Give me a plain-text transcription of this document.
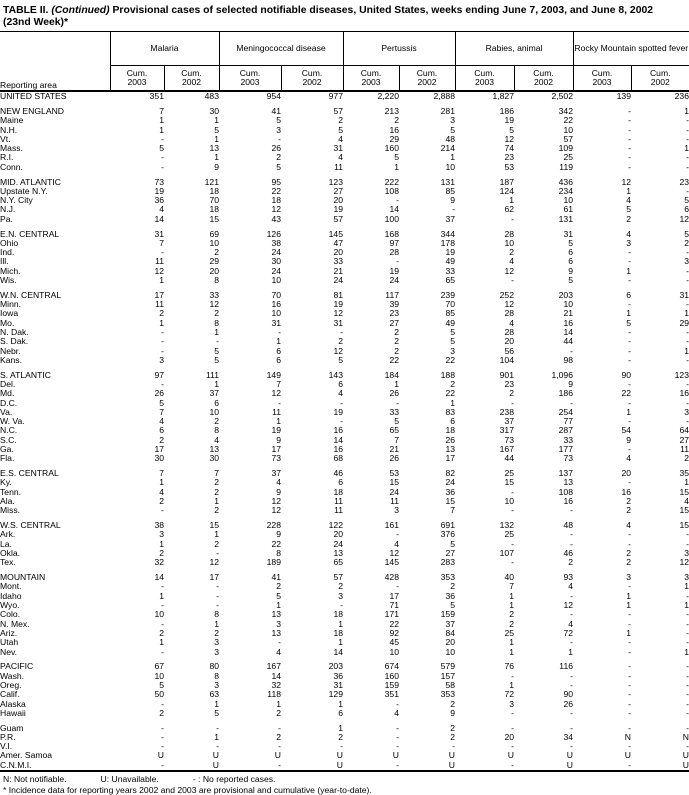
TABLE II. (Continued) Provisional cases of selected notifiable diseases, United States, weeks ending June 7, 2003, and June 8, 2002
(23nd Week)*
Reporting area	Malaria		Meningococcal disease		Pertussis		Rabies, animal		Rocky Mountain spotted fever	

Cum.
2003

Cum.
2002

Cum.
2003

Cum.
2002

Cum.
2003

Cum.
2002

Cum.
2003

Cum.
2002

Cum.
2003

Cum.
2002

UNITED STATES	351	483	954	977	2,220	2,888	1,827	2,502	139	236

NEW ENGLAND	7	30	41	57	213	281	186	342	-	1
Maine	1	1	5	2	2	3	19	22	-	-
N.H.	1	5	3	5	16	5	5	10	-	-
Vt.	-	1	-	4	29	48	12	57	-	-
Mass.	5	13	26	31	160	214	74	109	-	1
R.I.	-	1	2	4	5	1	23	25	-	-
Conn.	-	9	5	11	1	10	53	119	-	-

MID. ATLANTIC	73	121	95	123	222	131	187	436	12	23
Upstate N.Y.	19	18	22	27	108	85	124	234	1	-
N.Y. City	36	70	18	20	-	9	1	10	4	5
N.J.	4	18	12	19	14	-	62	61	5	6
Pa.	14	15	43	57	100	37	-	131	2	12

E.N. CENTRAL	31	69	126	145	168	344	28	31	4	5
Ohio	7	10	38	47	97	178	10	5	3	2
Ind.	-	2	24	20	28	19	2	6	-	-
Ill.	11	29	30	33	-	49	4	6	-	3
Mich.	12	20	24	21	19	33	12	9	1	-
Wis.	1	8	10	24	24	65	-	5	-	-

W.N. CENTRAL	17	33	70	81	117	239	252	203	6	31
Minn.	11	12	16	19	39	70	12	10	-	-
Iowa	2	2	10	12	23	85	28	21	1	1
Mo.	1	8	31	31	27	49	4	16	5	29
N. Dak.	-	1	-	-	2	5	28	14	-	-
S. Dak.	-	-	1	2	2	5	20	44	-	-
Nebr.	-	5	6	12	2	3	56	-	-	1
Kans.	3	5	6	5	22	22	104	98	-	-

S. ATLANTIC	97	111	149	143	184	188	901	1,096	90	123
Del.	-	1	7	6	1	2	23	9	-	-
Md.	26	37	12	4	26	22	2	186	22	16
D.C.	5	6	-	-	-	1	-	-	-	-
Va.	7	10	11	19	33	83	238	254	1	3
W. Va.	4	2	1	-	5	6	37	77	-	-
N.C.	6	8	19	16	65	18	317	287	54	64
S.C.	2	4	9	14	7	26	73	33	9	27
Ga.	17	13	17	16	21	13	167	177	-	11
Fla.	30	30	73	68	26	17	44	73	4	2

E.S. CENTRAL	7	7	37	46	53	82	25	137	20	35
Ky.	1	2	4	6	15	24	15	13	-	1
Tenn.	4	2	9	18	24	36	-	108	16	15
Ala.	2	1	12	11	11	15	10	16	2	4
Miss.	-	2	12	11	3	7	-	-	2	15

W.S. CENTRAL	38	15	228	122	161	691	132	48	4	15
Ark.	3	1	9	20	-	376	25	-	-	-
La.	1	2	22	24	4	5	-	-	-	-
Okla.	2	-	8	13	12	27	107	46	2	3
Tex.	32	12	189	65	145	283	-	2	2	12

MOUNTAIN	14	17	41	57	428	353	40	93	3	3
Mont.	-	-	2	2	-	2	7	4	-	1
Idaho	1	-	5	3	17	36	1	-	1	-
Wyo.	-	-	1	-	71	5	1	12	1	1
Colo.	10	8	13	18	171	159	2	-	-	-
N. Mex.	-	1	3	1	22	37	2	4	-	-
Ariz.	2	2	13	18	92	84	25	72	1	-
Utah	1	3	-	1	45	20	1	-	-	-
Nev.	-	3	4	14	10	10	1	1	-	1

PACIFIC	67	80	167	203	674	579	76	116	-	-
Wash.	10	8	14	36	160	157	-	-	-	-
Oreg.	5	3	32	31	159	58	1	-	-	-
Calif.	50	63	118	129	351	353	72	90	-	-
Alaska	-	1	1	1	-	2	3	26	-	-
Hawaii	2	5	2	6	4	9	-	-	-	-

Guam	-	-	-	1	-	2	-	-	-	-
P.R.	-	1	2	2	-	2	20	34	N	N
V.I.	-	-	-	-	-	-	-	-	-	-
Amer. Samoa	U	U	U	U	U	U	U	U	U	U
C.N.M.I.	-	U	-	U	-	U	-	U	-	U
N: Not notifiable.	U: Unavailable.	- : No reported cases.
* Incidence data for reporting years 2002 and 2003 are provisional and cumulative (year-to-date).
